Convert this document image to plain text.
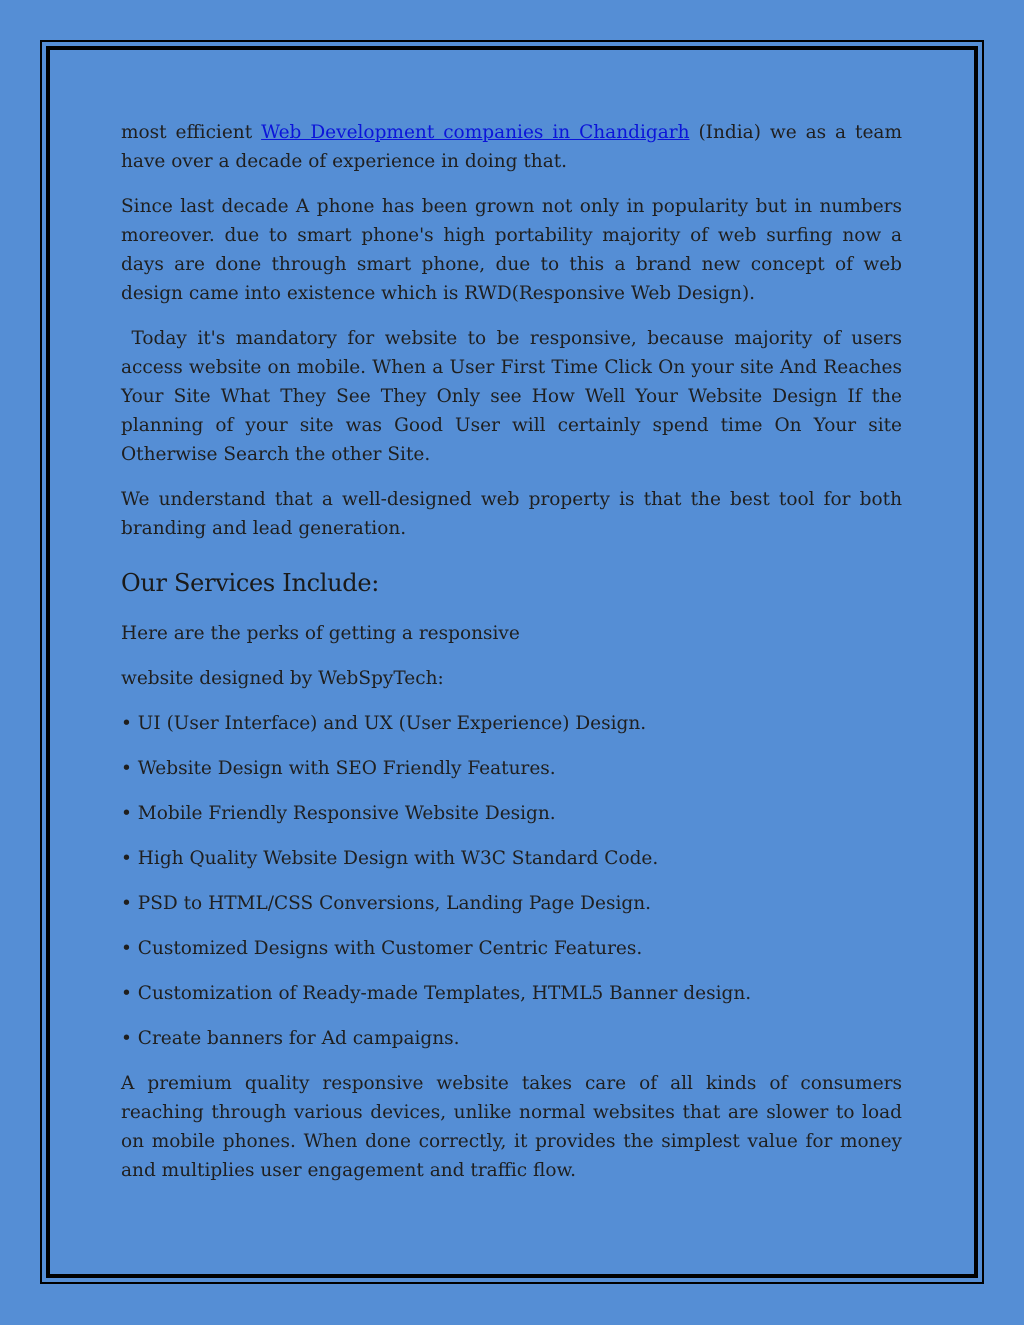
most efficient Web Development companies in Chandigarh (India) we as a team have over a decade of experience in doing that.

Since last decade A phone has been grown not only in popularity but in numbers moreover. due to smart phone's high portability majority of web surfing now a days are done through smart phone, due to this a brand new concept of web design came into existence which is RWD(Responsive Web Design).

Today it's mandatory for website to be responsive, because majority of users access website on mobile. When a User First Time Click On your site And Reaches Your Site What They See They Only see How Well Your Website Design If the planning of your site was Good User will certainly spend time On Your site Otherwise Search the other Site.

We understand that a well-designed web property is that the best tool for both branding and lead generation.

Our Services Include:

Here are the perks of getting a responsive

website designed by WebSpyTech:

• UI (User Interface) and UX (User Experience) Design.

• Website Design with SEO Friendly Features.

• Mobile Friendly Responsive Website Design.

• High Quality Website Design with W3C Standard Code.

• PSD to HTML/CSS Conversions, Landing Page Design.

• Customized Designs with Customer Centric Features.

• Customization of Ready-made Templates, HTML5 Banner design.

• Create banners for Ad campaigns.

A premium quality responsive website takes care of all kinds of consumers reaching through various devices, unlike normal websites that are slower to load on mobile phones. When done correctly, it provides the simplest value for money and multiplies user engagement and traffic flow.
